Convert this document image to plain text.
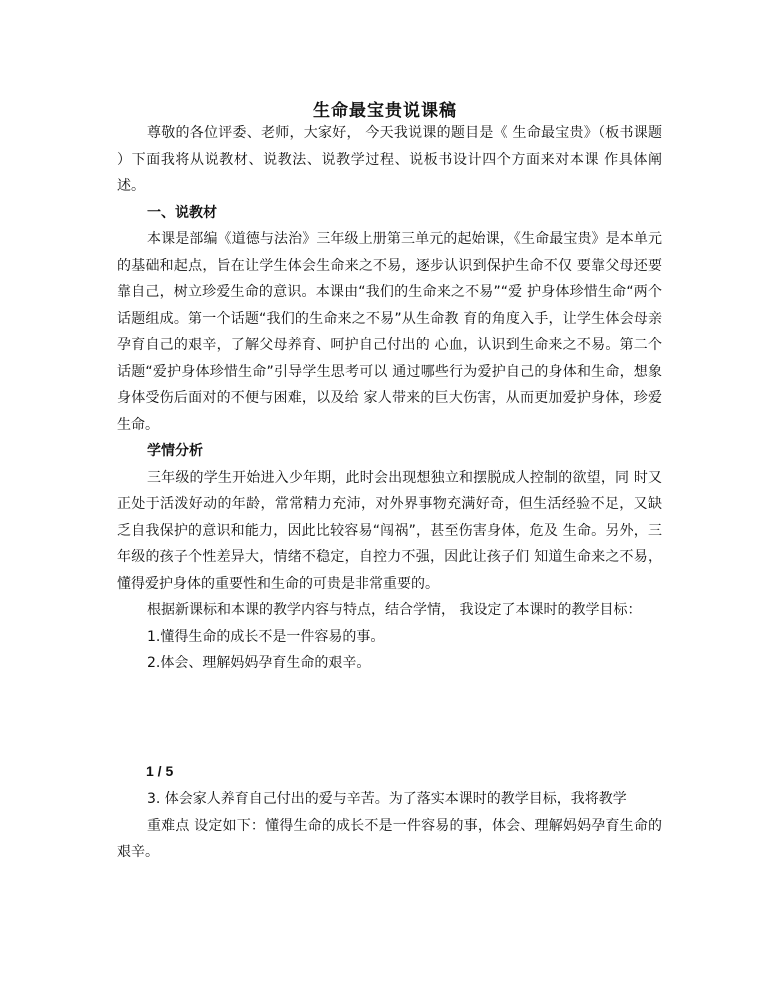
生命最宝贵说课稿

尊敬的各位评委、老师，大家好， 今天我说课的题目是《 生命最宝贵》（板书课题 ）下面我将从说教材、说教法、说教学过程、说板书设计四个方面来对本课 作具体阐述。

一、说教材

本课是部编《道德与法治》三年级上册第三单元的起始课，《生命最宝贵》是本单元的基础和起点，旨在让学生体会生命来之不易，逐步认识到保护生命不仅 要靠父母还要靠自己，树立珍爱生命的意识。本课由“我们的生命来之不易”“爱 护身体珍惜生命“两个话题组成。第一个话题“我们的生命来之不易”从生命教 育的角度入手，让学生体会母亲孕育自己的艰辛，了解父母养育、呵护自己付出的 心血，认识到生命来之不易。第二个话题“爱护身体珍惜生命”引导学生思考可以 通过哪些行为爱护自己的身体和生命，想象身体受伤后面对的不便与困难，以及给 家人带来的巨大伤害，从而更加爱护身体，珍爱生命。

学情分析

三年级的学生开始进入少年期，此时会出现想独立和摆脱成人控制的欲望，同 时又正处于活泼好动的年龄，常常精力充沛，对外界事物充满好奇，但生活经验不足，又缺乏自我保护的意识和能力，因此比较容易“闯祸”，甚至伤害身体，危及 生命。另外，三年级的孩子个性差异大，情绪不稳定，自控力不强，因此让孩子们 知道生命来之不易，懂得爱护身体的重要性和生命的可贵是非常重要的。

根据新课标和本课的教学内容与特点，结合学情， 我设定了本课时的教学目标：

1.懂得生命的成长不是一件容易的事。

2.体会、理解妈妈孕育生命的艰辛。

1 / 5

3. 体会家人养育自己付出的爱与辛苦。为了落实本课时的教学目标，我将教学

重难点 设定如下：懂得生命的成长不是一件容易的事，体会、理解妈妈孕育生命的艰辛。
